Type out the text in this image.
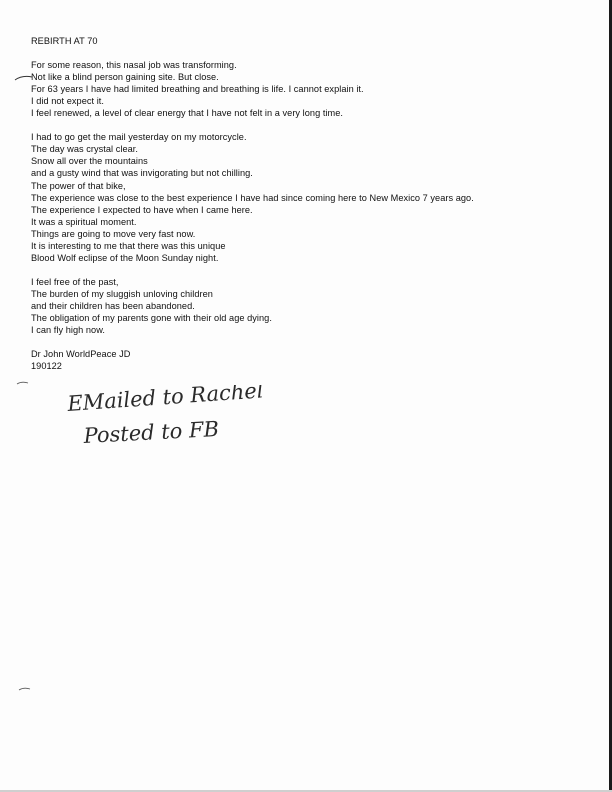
REBIRTH AT 70
For some reason, this nasal job was transforming.
Not like a blind person gaining site. But close.
For 63 years I have had limited breathing and breathing is life. I cannot explain it.
I did not expect it.
I feel renewed, a level of clear energy that I have not felt in a very long time.
I had to go get the mail yesterday on my motorcycle.
The day was crystal clear.
Snow all over the mountains
and a gusty wind that was invigorating but not chilling.
The power of that bike,
The experience was close to the best experience I have had since coming here to New Mexico 7 years ago.
The experience I expected to have when I came here.
It was a spiritual moment.
Things are going to move very fast now.
It is interesting to me that there was this unique
Blood Wolf eclipse of the Moon Sunday night.
I feel free of the past,
The burden of my sluggish unloving children
and their children has been abandoned.
The obligation of my parents gone with their old age dying.
I can fly high now.
Dr John WorldPeace JD
190122
EMailed to Rachel
Posted to FB
